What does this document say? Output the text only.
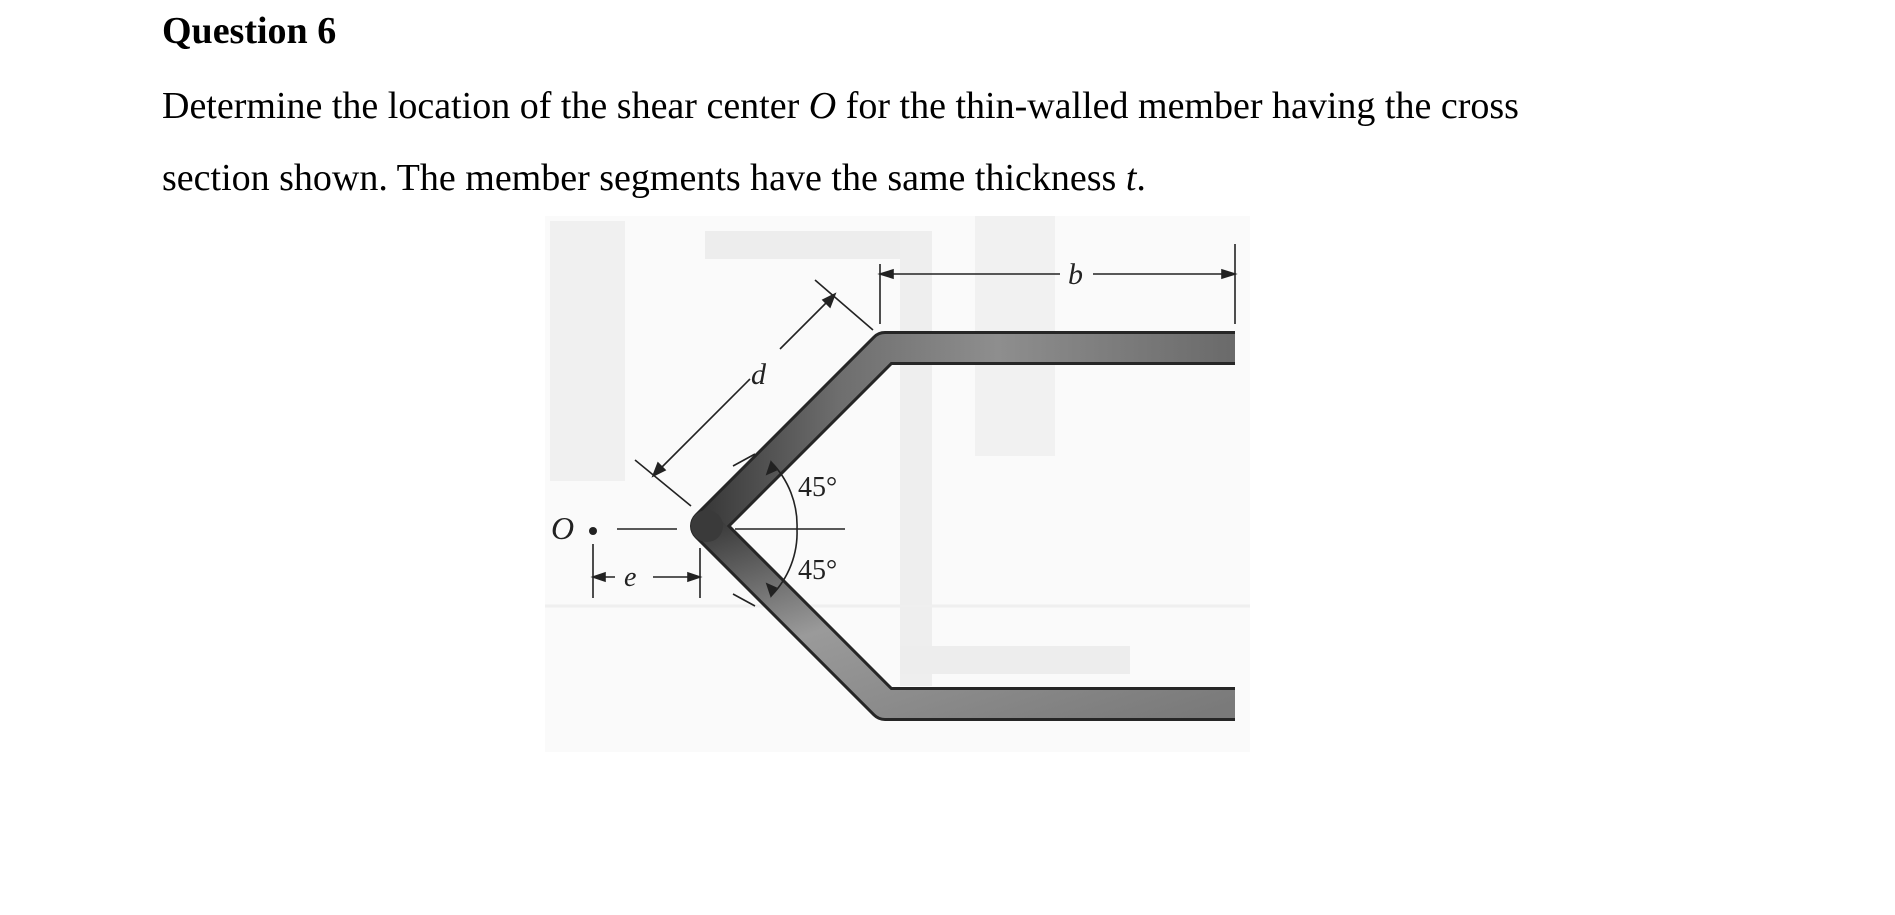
Question 6

Determine the location of the shear center O for the thin-walled member having the cross
section shown. The member segments have the same thickness t.

b
d
45°
45°
O
e
